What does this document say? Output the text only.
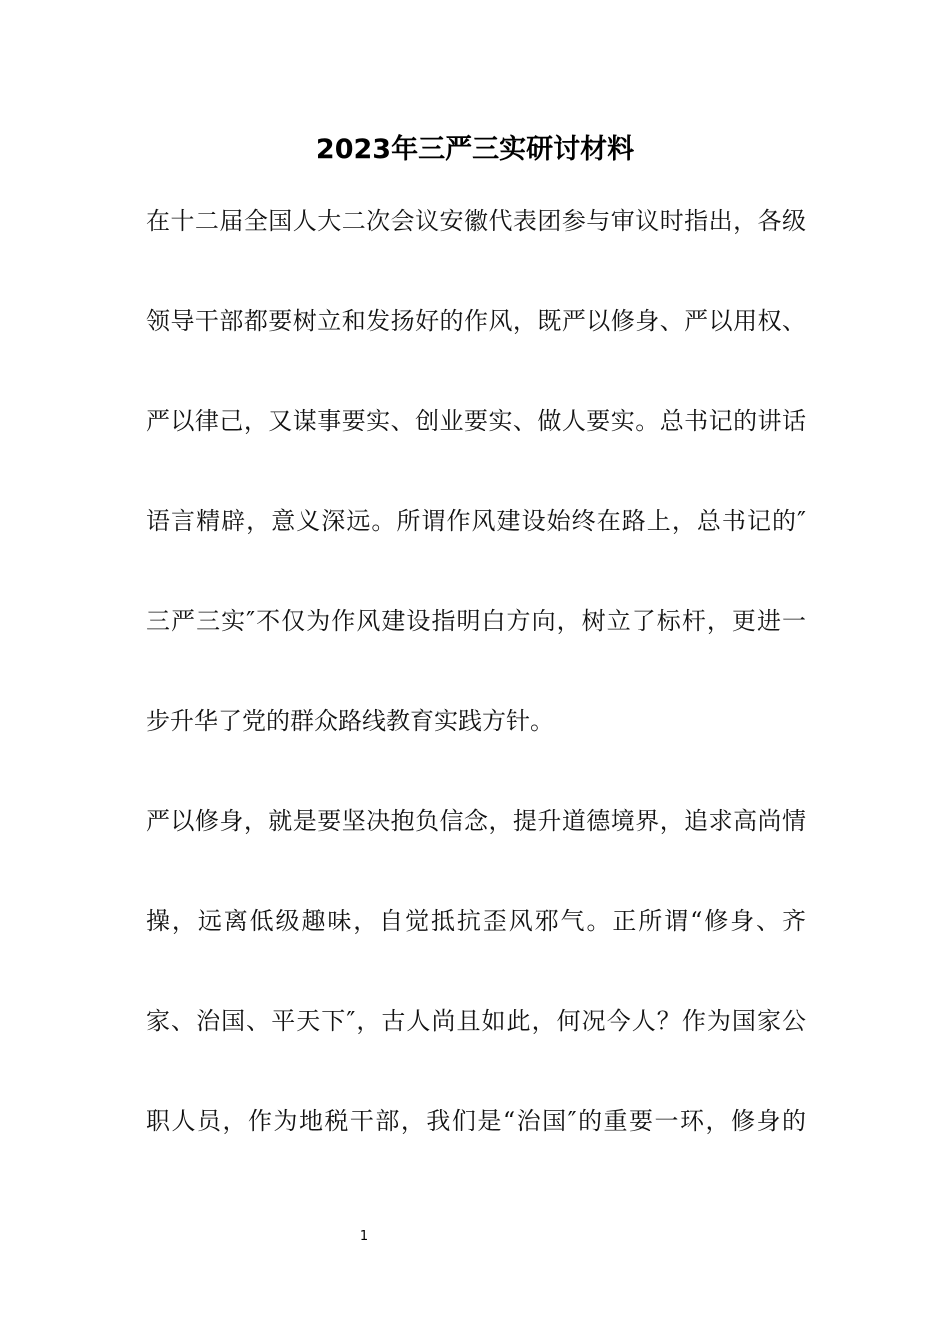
2023年三严三实研讨材料
在十二届全国人大二次会议安徽代表团参与审议时指出，各级
领导干部都要树立和发扬好的作风，既严以修身、严以用权、
严以律己，又谋事要实、创业要实、做人要实。总书记的讲话
语言精辟，意义深远。所谓作风建设始终在路上，总书记的″
三严三实″不仅为作风建设指明白方向，树立了标杆，更进一
步升华了党的群众路线教育实践方针。
严以修身，就是要坚决抱负信念，提升道德境界，追求高尚情
操，远离低级趣味，自觉抵抗歪风邪气。正所谓“修身、齐
家、治国、平天下″，古人尚且如此，何况今人？作为国家公
职人员，作为地税干部，我们是“治国″的重要一环，修身的
1
